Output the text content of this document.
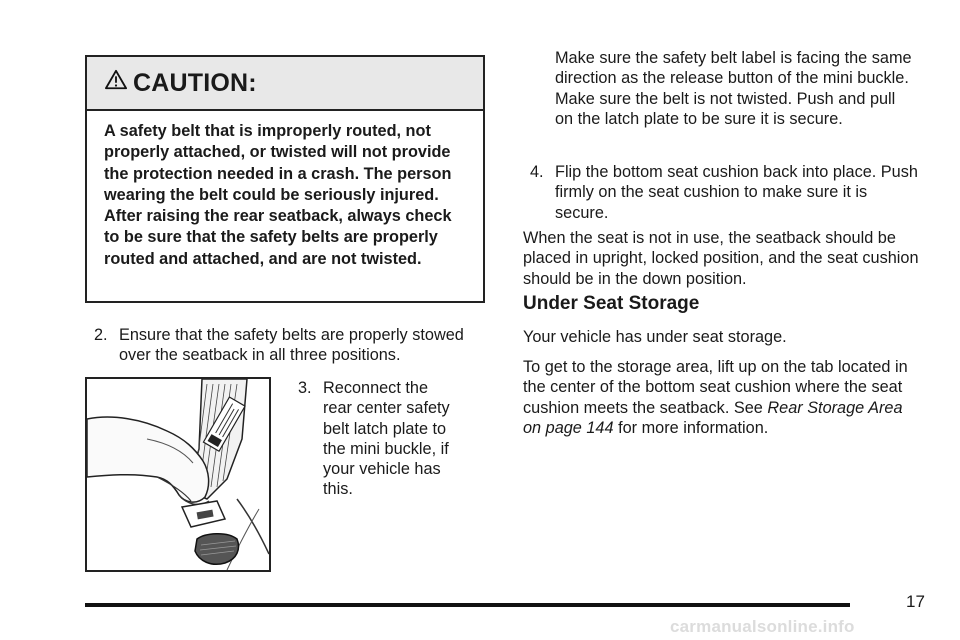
CAUTION:
A safety belt that is improperly routed, not properly attached, or twisted will not provide the protection needed in a crash. The person wearing the belt could be seriously injured. After raising the rear seatback, always check to be sure that the safety belts are properly routed and attached, and are not twisted.
2. Ensure that the safety belts are properly stowed over the seatback in all three positions.
3. Reconnect the rear center safety belt latch plate to the mini buckle, if your vehicle has this.
Make sure the safety belt label is facing the same direction as the release button of the mini buckle. Make sure the belt is not twisted. Push and pull on the latch plate to be sure it is secure.
4. Flip the bottom seat cushion back into place. Push firmly on the seat cushion to make sure it is secure.
When the seat is not in use, the seatback should be placed in upright, locked position, and the seat cushion should be in the down position.
Under Seat Storage
Your vehicle has under seat storage.
To get to the storage area, lift up on the tab located in the center of the bottom seat cushion where the seat cushion meets the seatback. See Rear Storage Area on page 144 for more information.
17
carmanualsonline.info
